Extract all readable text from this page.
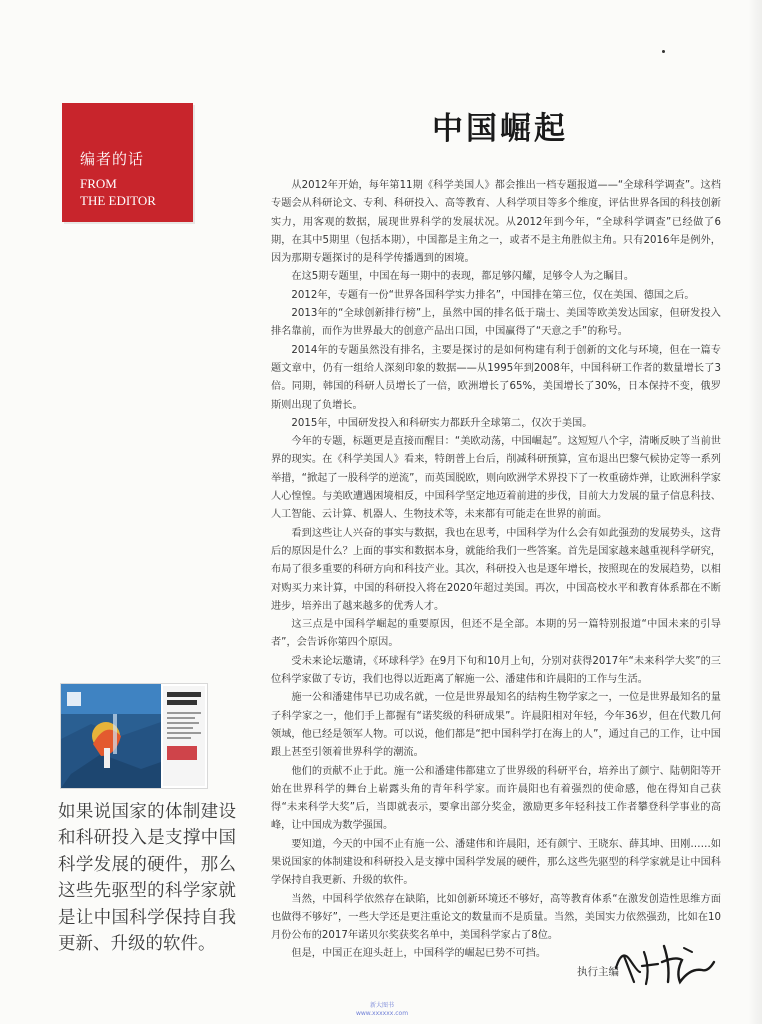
编者的话
FROM
THE EDITOR
中国崛起

从2012年开始，每年第11期《科学美国人》都会推出一档专题报道——“全球科学调查”。这档专题会从科研论文、专利、科研投入、高等教育、人科学项目等多个维度，评估世界各国的科技创新实力，用客观的数据，展现世界科学的发展状况。从2012年到今年，“全球科学调查”已经做了6期，在其中5期里（包括本期），中国都是主角之一，或者不是主角胜似主角。只有2016年是例外，因为那期专题探讨的是科学传播遇到的困境。

在这5期专题里，中国在每一期中的表现，都足够闪耀，足够令人为之瞩目。

2012年，专题有一份“世界各国科学实力排名”，中国排在第三位，仅在美国、德国之后。

2013年的“全球创新排行榜”上，虽然中国的排名低于瑞士、美国等欧美发达国家，但研发投入排名靠前，而作为世界最大的创意产品出口国，中国赢得了“天意之手”的称号。

2014年的专题虽然没有排名，主要是探讨的是如何构建有利于创新的文化与环境，但在一篇专题文章中，仍有一组给人深刻印象的数据——从1995年到2008年，中国科研工作者的数量增长了3倍。同期，韩国的科研人员增长了一倍，欧洲增长了65%，美国增长了30%，日本保持不变，俄罗斯则出现了负增长。

2015年，中国研发投入和科研实力都跃升全球第二，仅次于美国。

今年的专题，标题更是直接而醒目：“美欧动荡，中国崛起”。这短短八个字，清晰反映了当前世界的现实。在《科学美国人》看来，特朗普上台后，削减科研预算，宣布退出巴黎气候协定等一系列举措，“掀起了一股科学的逆流”，而英国脱欧，则向欧洲学术界投下了一枚重磅炸弹，让欧洲科学家人心惶惶。与美欧遭遇困境相反，中国科学坚定地迈着前进的步伐，目前大力发展的量子信息科技、人工智能、云计算、机器人、生物技术等，未来都有可能走在世界的前面。

看到这些让人兴奋的事实与数据，我也在思考，中国科学为什么会有如此强劲的发展势头，这背后的原因是什么？上面的事实和数据本身，就能给我们一些答案。首先是国家越来越重视科学研究，布局了很多重要的科研方向和科技产业。其次，科研投入也是逐年增长，按照现在的发展趋势，以相对购买力来计算，中国的科研投入将在2020年超过美国。再次，中国高校水平和教育体系都在不断进步，培养出了越来越多的优秀人才。

这三点是中国科学崛起的重要原因，但还不是全部。本期的另一篇特别报道“中国未来的引导者”，会告诉你第四个原因。

受未来论坛邀请，《环球科学》在9月下旬和10月上旬，分别对获得2017年“未来科学大奖”的三位科学家做了专访，我们也得以近距离了解施一公、潘建伟和许晨阳的工作与生活。

施一公和潘建伟早已功成名就，一位是世界最知名的结构生物学家之一，一位是世界最知名的量子科学家之一，他们手上都握有“诺奖级的科研成果”。许晨阳相对年轻，今年36岁，但在代数几何领域，他已经是领军人物。可以说，他们都是“把中国科学打在海上的人”，通过自己的工作，让中国跟上甚至引领着世界科学的潮流。

他们的贡献不止于此。施一公和潘建伟都建立了世界级的科研平台，培养出了颜宁、陆朝阳等开始在世界科学的舞台上崭露头角的青年科学家。而许晨阳也有着强烈的使命感，他在得知自己获得“未来科学大奖”后，当即就表示，要拿出部分奖金，激励更多年轻科技工作者攀登科学事业的高峰，让中国成为数学强国。

要知道，今天的中国不止有施一公、潘建伟和许晨阳，还有颜宁、王晓东、薛其坤、田刚……如果说国家的体制建设和科研投入是支撑中国科学发展的硬件，那么这些先驱型的科学家就是让中国科学保持自我更新、升级的软件。

当然，中国科学依然存在缺陷，比如创新环境还不够好，高等教育体系“在激发创造性思维方面也做得不够好”，一些大学还是更注重论文的数量而不是质量。当然，美国实力依然强劲，比如在10月份公布的2017年诺贝尔奖获奖名单中，美国科学家占了8位。

但是，中国正在迎头赶上，中国科学的崛起已势不可挡。

如果说国家的体制建设和科研投入是支撑中国科学发展的硬件，那么这些先驱型的科学家就是让中国科学保持自我更新、升级的软件。
执行主编
新大图书
www.xxxxxx.com
